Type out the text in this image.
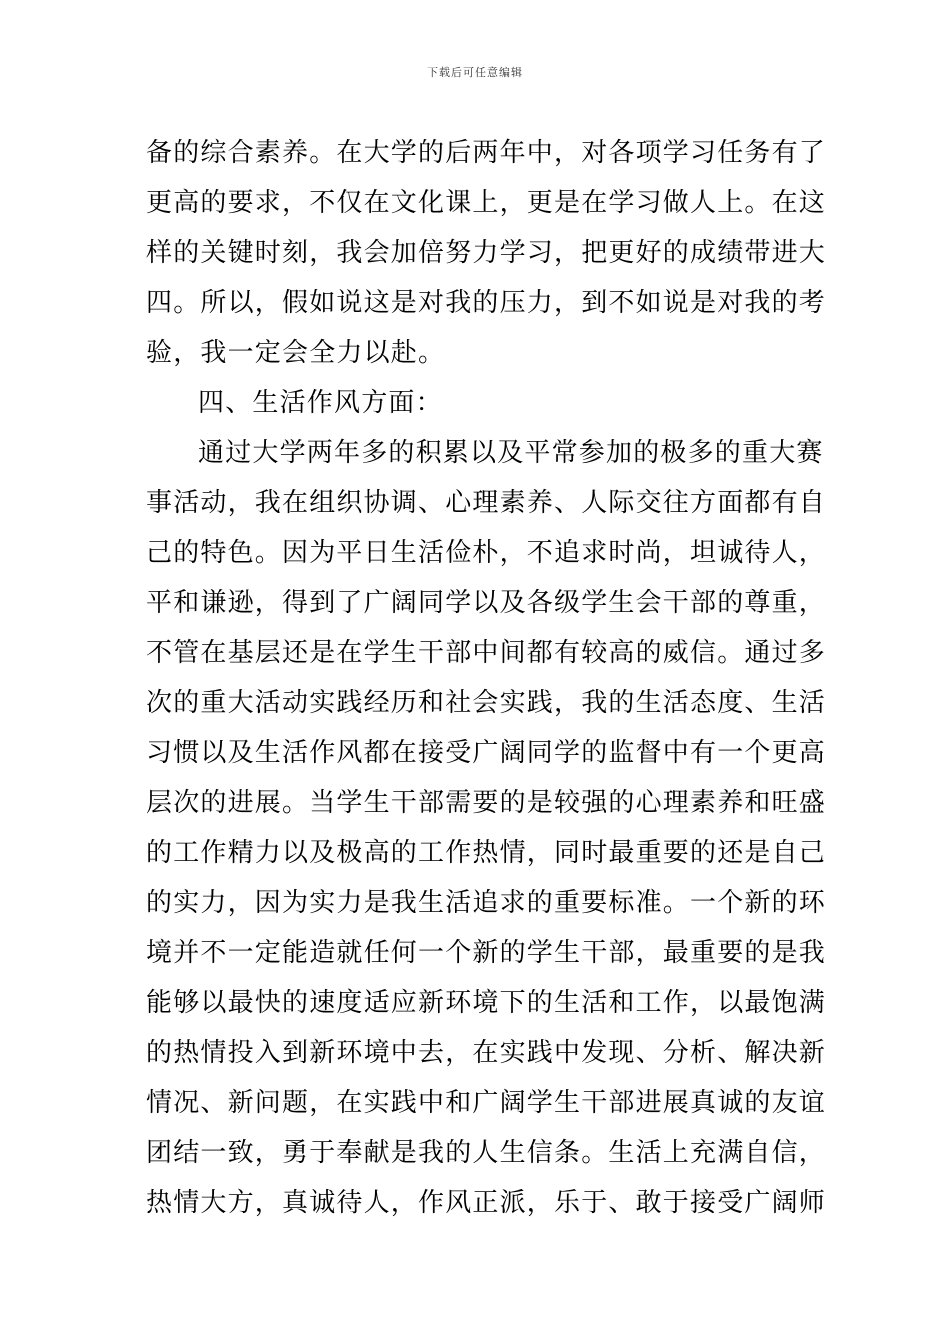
下载后可任意编辑
备的综合素养。在大学的后两年中，对各项学习任务有了
更高的要求，不仅在文化课上，更是在学习做人上。在这
样的关键时刻，我会加倍努力学习，把更好的成绩带进大
四。所以，假如说这是对我的压力，到不如说是对我的考
验，我一定会全力以赴。
四、生活作风方面：
通过大学两年多的积累以及平常参加的极多的重大赛
事活动，我在组织协调、心理素养、人际交往方面都有自
己的特色。因为平日生活俭朴，不追求时尚，坦诚待人，
平和谦逊，得到了广阔同学以及各级学生会干部的尊重，
不管在基层还是在学生干部中间都有较高的威信。通过多
次的重大活动实践经历和社会实践，我的生活态度、生活
习惯以及生活作风都在接受广阔同学的监督中有一个更高
层次的进展。当学生干部需要的是较强的心理素养和旺盛
的工作精力以及极高的工作热情，同时最重要的还是自己
的实力，因为实力是我生活追求的重要标准。一个新的环
境并不一定能造就任何一个新的学生干部，最重要的是我
能够以最快的速度适应新环境下的生活和工作，以最饱满
的热情投入到新环境中去，在实践中发现、分析、解决新
情况、新问题，在实践中和广阔学生干部进展真诚的友谊
团结一致，勇于奉献是我的人生信条。生活上充满自信，
热情大方，真诚待人，作风正派，乐于、敢于接受广阔师
